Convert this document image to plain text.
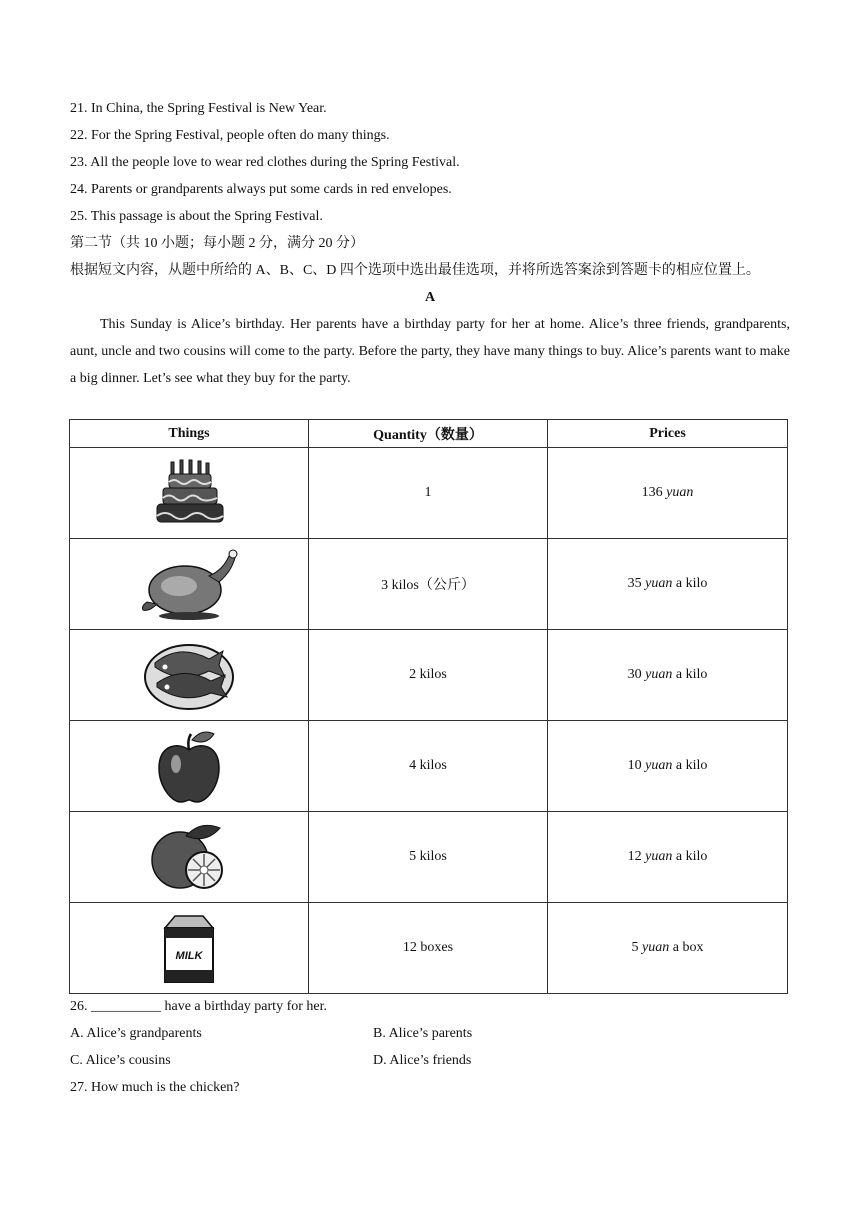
21. In China, the Spring Festival is New Year.
22. For the Spring Festival, people often do many things.
23. All the people love to wear red clothes during the Spring Festival.
24. Parents or grandparents always put some cards in red envelopes.
25. This passage is about the Spring Festival.
第二节（共 10 小题；每小题 2 分，满分 20 分）
根据短文内容，从题中所给的 A、B、C、D 四个选项中选出最佳选项，并将所选答案涂到答题卡的相应位置上。
A
This Sunday is Alice’s birthday. Her parents have a birthday party for her at home. Alice’s three friends, grandparents, aunt, uncle and two cousins will come to the party. Before the party, they have many things to buy. Alice’s parents want to make a big dinner. Let’s see what they buy for the party.
Things	Quantity（数量）	Prices

	1	136 yuan

	3 kilos（公斤）	35 yuan a kilo

	2 kilos	30 yuan a kilo

	4 kilos	10 yuan a kilo

	5 kilos	12 yuan a kilo

MILK	12 boxes	5 yuan a box
26. __________ have a birthday party for her.
A. Alice’s grandparents	B. Alice’s parents
C. Alice’s cousins	D. Alice’s friends
27. How much is the chicken?
